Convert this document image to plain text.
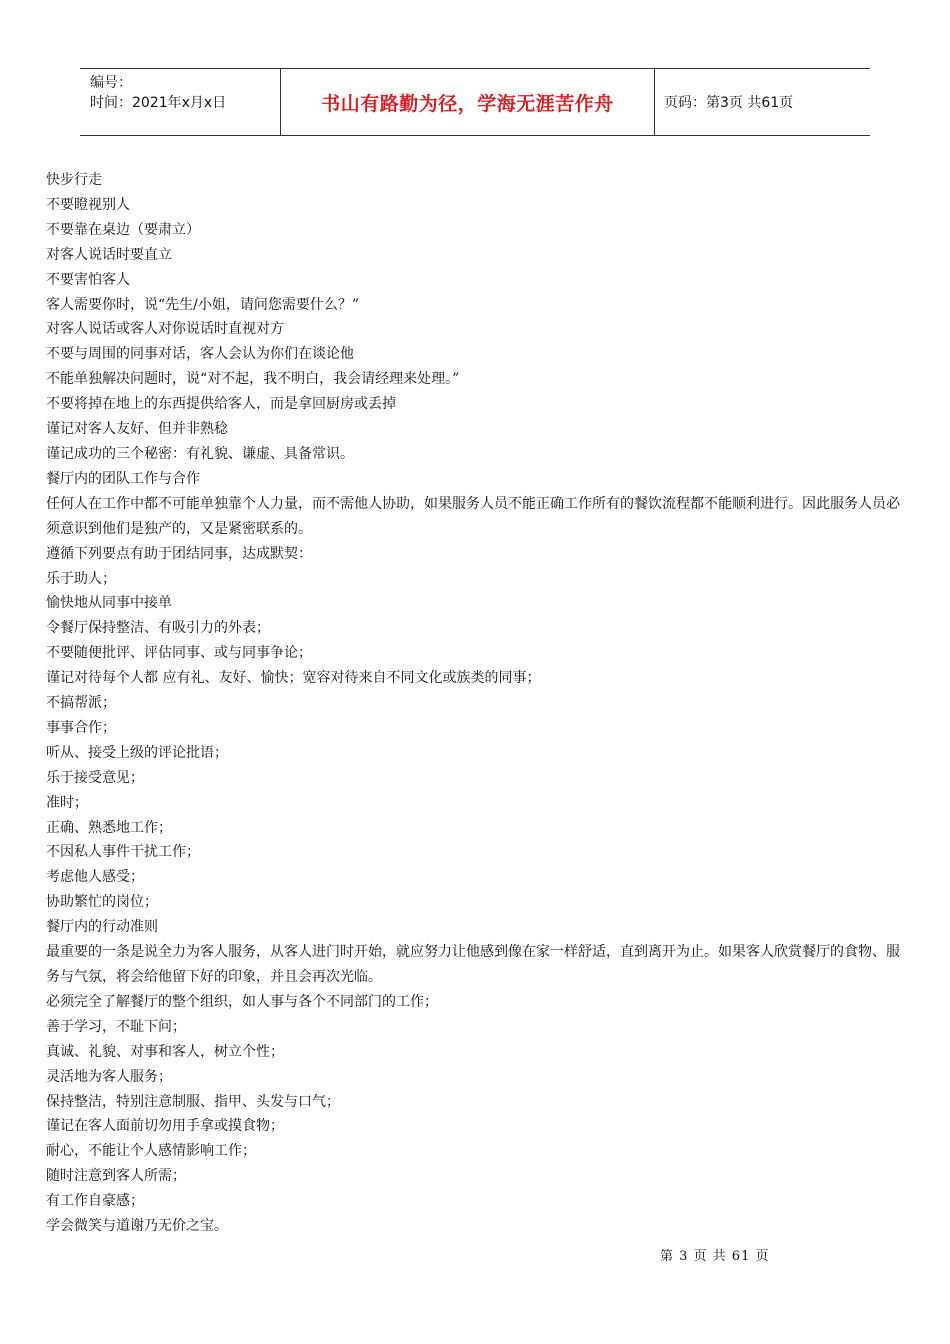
编号：
时间：2021年x月x日	书山有路勤为径，学海无涯苦作舟	页码：第3页 共61页

快步行走

不要瞪视别人

不要靠在桌边（要肃立）

对客人说话时要直立

不要害怕客人

客人需要你时，说“先生/小姐，请问您需要什么？”

对客人说话或客人对你说话时直视对方

不要与周围的同事对话，客人会认为你们在谈论他

不能单独解决问题时，说“对不起，我不明白，我会请经理来处理。”

不要将掉在地上的东西提供给客人，而是拿回厨房或丢掉

谨记对客人友好、但并非熟稔

谨记成功的三个秘密：有礼貌、谦虚、具备常识。

餐厅内的团队工作与合作

任何人在工作中都不可能单独靠个人力量，而不需他人协助，如果服务人员不能正确工作所有的餐饮流程都不能顺利进行。因此服务人员必须意识到他们是独产的，又是紧密联系的。

遵循下列要点有助于团结同事，达成默契：

乐于助人；

愉快地从同事中接单

令餐厅保持整洁、有吸引力的外表；

不要随便批评、评估同事、或与同事争论；

谨记对待每个人都 应有礼、友好、愉快；宽容对待来自不同文化或族类的同事；

不搞帮派；

事事合作；

听从、接受上级的评论批语；

乐于接受意见；

准时；

正确、熟悉地工作；

不因私人事件干扰工作；

考虑他人感受；

协助繁忙的岗位；

餐厅内的行动准则

最重要的一条是说全力为客人服务，从客人进门时开始，就应努力让他感到像在家一样舒适，直到离开为止。如果客人欣赏餐厅的食物、服务与气氛，将会给他留下好的印象，并且会再次光临。

必须完全了解餐厅的整个组织，如人事与各个不同部门的工作；

善于学习，不耻下问；

真诚、礼貌、对事和客人，树立个性；

灵活地为客人服务；

保持整洁，特别注意制服、指甲、头发与口气；

谨记在客人面前切勿用手拿或摸食物；

耐心，不能让个人感情影响工作；

随时注意到客人所需；

有工作自豪感；

学会微笑与道谢乃无价之宝。

第 3 页 共 61 页
